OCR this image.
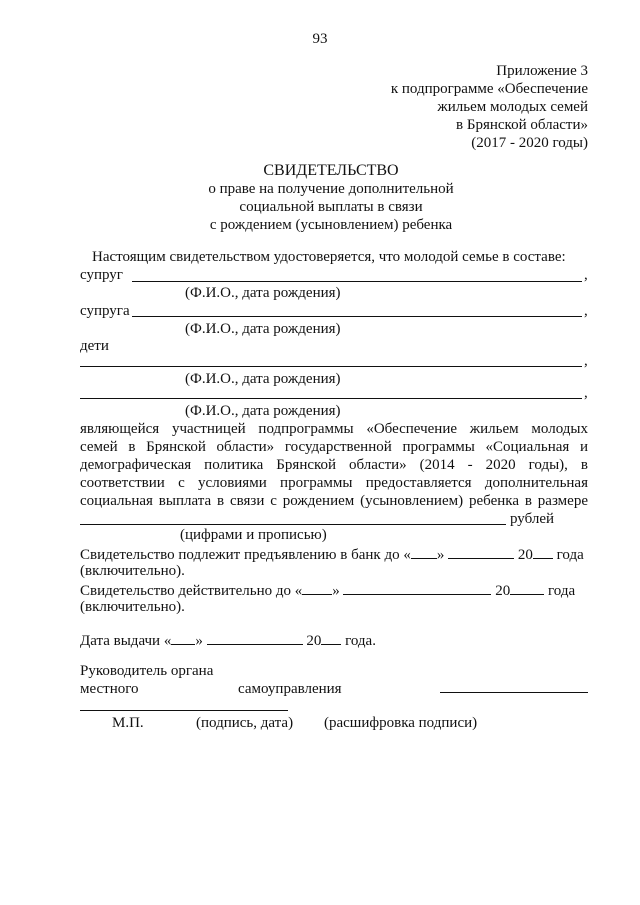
93
Приложение 3
к подпрограмме «Обеспечение
жильем молодых семей
в Брянской области»
(2017 - 2020 годы)
СВИДЕТЕЛЬСТВО
о праве на получение дополнительной
социальной выплаты в связи
с рождением (усыновлением) ребенка
Настоящим свидетельством удостоверяется, что молодой семье в составе:
супруг	,
(Ф.И.О., дата рождения)
супруга	,
(Ф.И.О., дата рождения)
дети
,
(Ф.И.О., дата рождения)
,
(Ф.И.О., дата рождения)
являющейся участницей подпрограммы «Обеспечение жильем молодых
семей в Брянской области» государственной программы «Социальная и
демографическая политика Брянской области» (2014 - 2020 годы), в
соответствии с условиями программы предоставляется дополнительная
социальная выплата в связи с рождением (усыновлением) ребенка в размере
рублей
(цифрами и прописью)
Свидетельство подлежит предъявлению в банк до « »	20 года
(включительно).
Свидетельство действительно до « »	20	года
(включительно).
Дата выдачи « »	20 года.
Руководитель органа
местного	самоуправления
М.П.	(подпись, дата) (расшифровка подписи)
